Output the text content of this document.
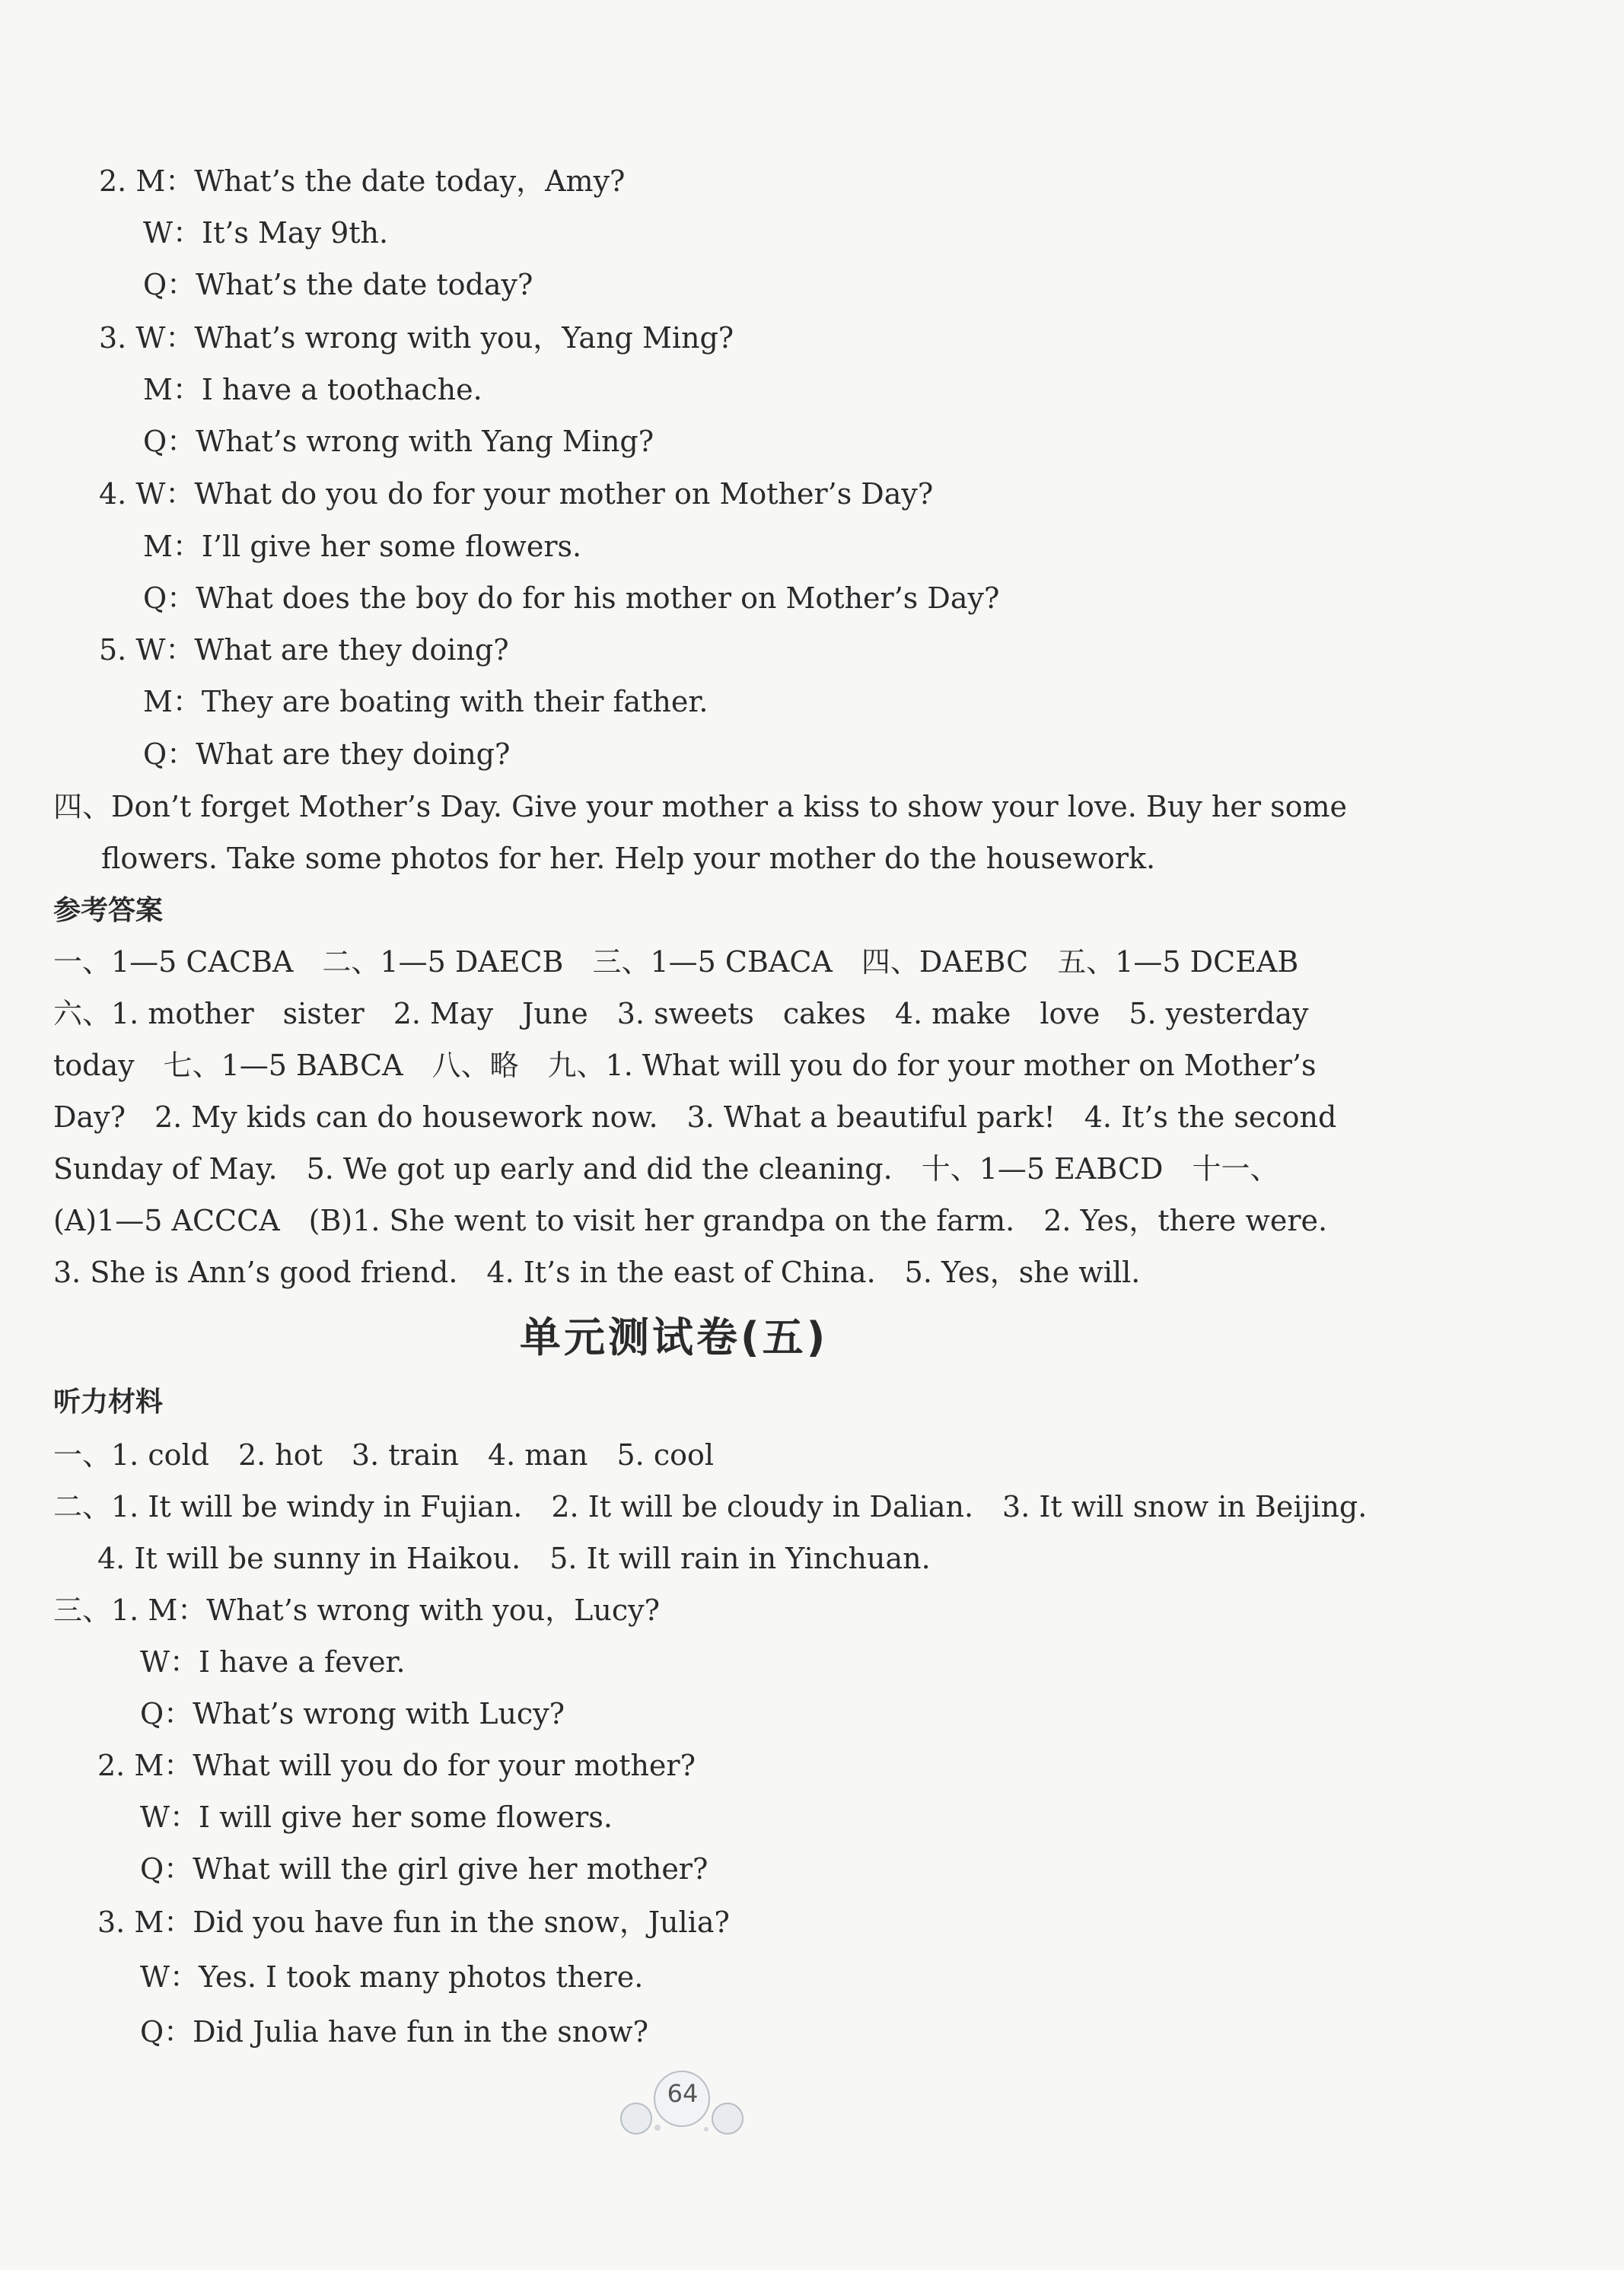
2. M：What’s the date today，Amy?
W：It’s May 9th.
Q：What’s the date today?
3. W：What’s wrong with you，Yang Ming?
M：I have a toothache.
Q：What’s wrong with Yang Ming?
4. W：What do you do for your mother on Mother’s Day?
M：I’ll give her some flowers.
Q：What does the boy do for his mother on Mother’s Day?
5. W：What are they doing?
M：They are boating with their father.
Q：What are they doing?
四、Don’t forget Mother’s Day. Give your mother a kiss to show your love. Buy her some
flowers. Take some photos for her. Help your mother do the housework.
参考答案
一、1—5 CACBA　二、1—5 DAECB　三、1—5 CBACA　四、DAEBC　五、1—5 DCEAB
六、1. mother　sister　2. May　June　3. sweets　cakes　4. make　love　5. yesterday
today　七、1—5 BABCA　八、略　九、1. What will you do for your mother on Mother’s
Day?　2. My kids can do housework now.　3. What a beautiful park!　4. It’s the second
Sunday of May.　5. We got up early and did the cleaning.　十、1—5 EABCD　十一、
(A)1—5 ACCCA　(B)1. She went to visit her grandpa on the farm.　2. Yes，there were.
3. She is Ann’s good friend.　4. It’s in the east of China.　5. Yes，she will.
单元测试卷(五)
听力材料
一、1. cold　2. hot　3. train　4. man　5. cool
二、1. It will be windy in Fujian.　2. It will be cloudy in Dalian.　3. It will snow in Beijing.
4. It will be sunny in Haikou.　5. It will rain in Yinchuan.
三、1. M：What’s wrong with you，Lucy?
W：I have a fever.
Q：What’s wrong with Lucy?
2. M：What will you do for your mother?
W：I will give her some flowers.
Q：What will the girl give her mother?
3. M：Did you have fun in the snow，Julia?
W：Yes. I took many photos there.
Q：Did Julia have fun in the snow?
64
